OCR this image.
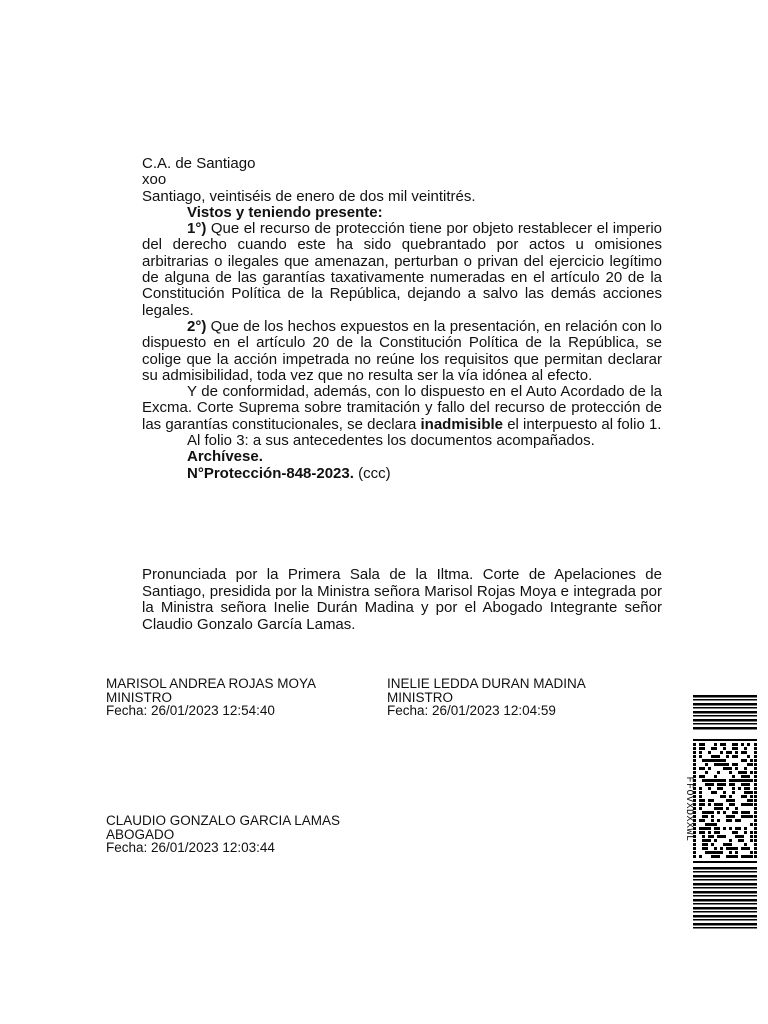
C.A. de Santiago

xoo

Santiago, veintiséis de enero de dos mil veintitrés.

Vistos y teniendo presente:

1°) Que el recurso de protección tiene por objeto restablecer el imperio del derecho cuando este ha sido quebrantado por actos u omisiones arbitrarias o ilegales que amenazan, perturban o privan del ejercicio legítimo de alguna de las garantías taxativamente numeradas en el artículo 20 de la Constitución Política de la República, dejando a salvo las demás acciones legales.

2°) Que de los hechos expuestos en la presentación, en relación con lo dispuesto en el artículo 20 de la Constitución Política de la República, se colige que la acción impetrada no reúne los requisitos que permitan declarar su admisibilidad, toda vez que no resulta ser la vía idónea al efecto.

Y de conformidad, además, con lo dispuesto en el Auto Acordado de la Excma. Corte Suprema sobre tramitación y fallo del recurso de protección de las garantías constitucionales, se declara inadmisible el interpuesto al folio 1.

Al folio 3: a sus antecedentes los documentos acompañados.

Archívese.

N°Protección-848-2023. (ccc)

Pronunciada por la Primera Sala de la Iltma. Corte de Apelaciones de Santiago, presidida por la Ministra señora Marisol Rojas Moya e integrada por la Ministra señora Inelie Durán Madina y por el Abogado Integrante señor Claudio Gonzalo García Lamas.
MARISOL ANDREA ROJAS MOYA
MINISTRO
Fecha: 26/01/2023 12:54:40
INELIE LEDDA DURAN MADINA
MINISTRO
Fecha: 26/01/2023 12:04:59
CLAUDIO GONZALO GARCIA LAMAS
ABOGADO
Fecha: 26/01/2023 12:03:44
FFOVXDXXWL
